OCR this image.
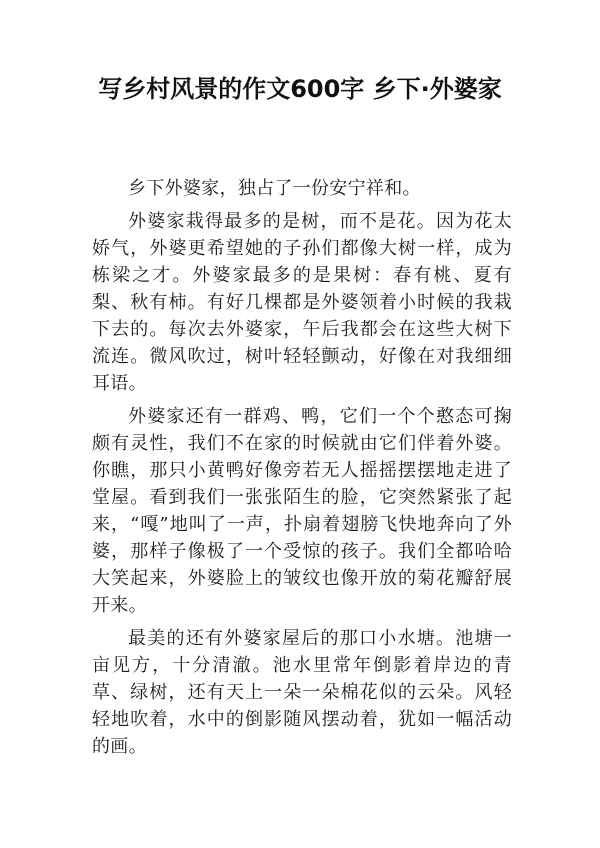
写乡村风景的作文600字 乡下·外婆家

乡下外婆家，独占了一份安宁祥和。

外婆家栽得最多的是树，而不是花。因为花太娇气，外婆更希望她的子孙们都像大树一样，成为栋梁之才。外婆家最多的是果树：春有桃、夏有梨、秋有柿。有好几棵都是外婆领着小时候的我栽下去的。每次去外婆家，午后我都会在这些大树下流连。微风吹过，树叶轻轻颤动，好像在对我细细耳语。

外婆家还有一群鸡、鸭，它们一个个憨态可掬颇有灵性，我们不在家的时候就由它们伴着外婆。你瞧，那只小黄鸭好像旁若无人摇摇摆摆地走进了堂屋。看到我们一张张陌生的脸，它突然紧张了起来，“嘎”地叫了一声，扑扇着翅膀飞快地奔向了外婆，那样子像极了一个受惊的孩子。我们全都哈哈大笑起来，外婆脸上的皱纹也像开放的菊花瓣舒展开来。

最美的还有外婆家屋后的那口小水塘。池塘一亩见方，十分清澈。池水里常年倒影着岸边的青草、绿树，还有天上一朵一朵棉花似的云朵。风轻轻地吹着，水中的倒影随风摆动着，犹如一幅活动的画。
